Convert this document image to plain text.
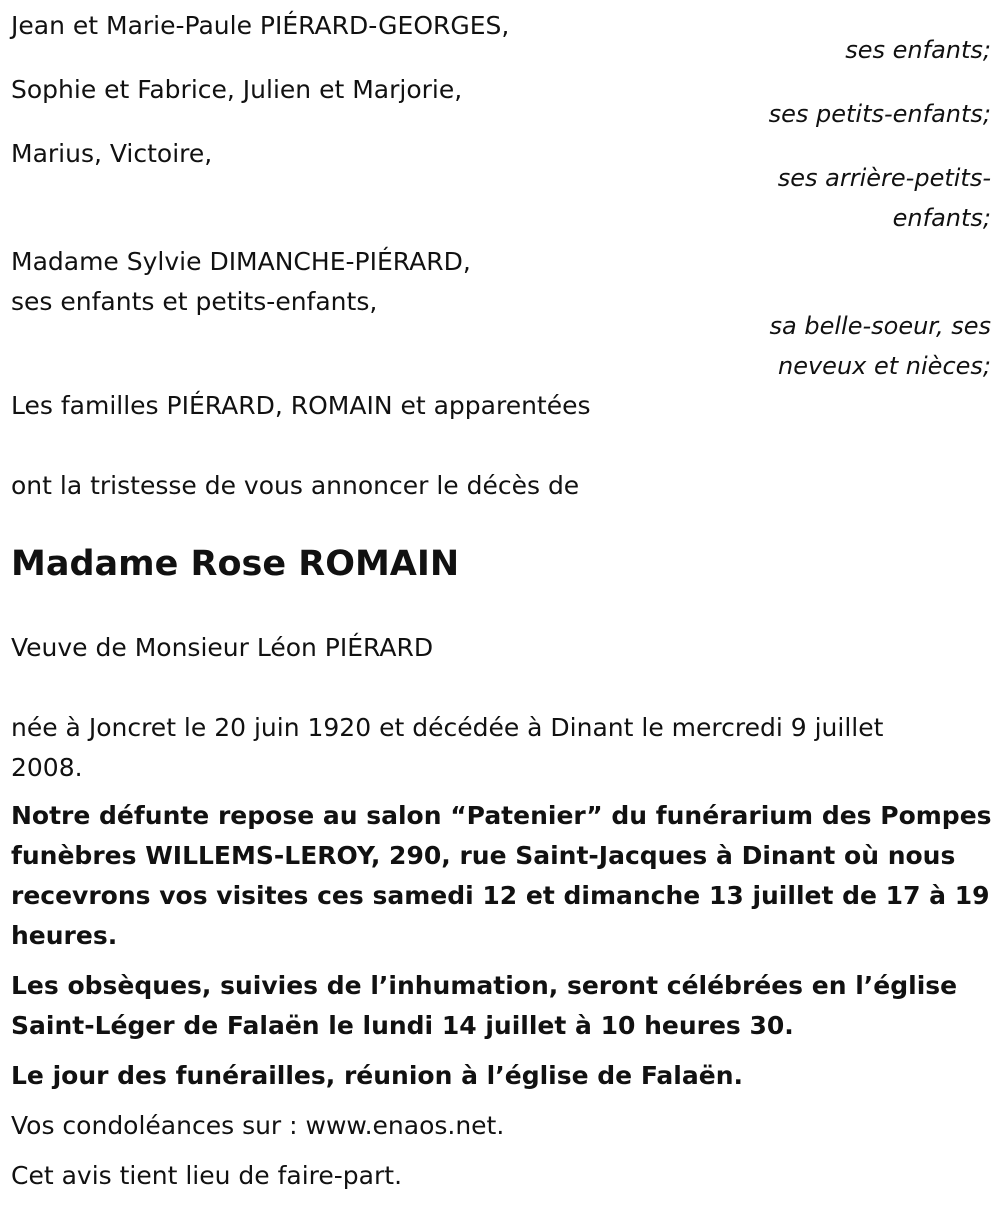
Jean et Marie-Paule PIÉRARD-GEORGES,
ses enfants;
Sophie et Fabrice, Julien et Marjorie,
ses petits-enfants;
Marius, Victoire,
ses arrière-petits-
enfants;
Madame Sylvie DIMANCHE-PIÉRARD,
ses enfants et petits-enfants,
sa belle-soeur, ses
neveux et nièces;
Les familles PIÉRARD, ROMAIN et apparentées
ont la tristesse de vous annoncer le décès de
Madame Rose ROMAIN
Veuve de Monsieur Léon PIÉRARD
née à Joncret le 20 juin 1920 et décédée à Dinant le mercredi 9 juillet
2008.
Notre défunte repose au salon “Patenier” du funérarium des Pompes
funèbres WILLEMS-LEROY, 290, rue Saint-Jacques à Dinant où nous
recevrons vos visites ces samedi 12 et dimanche 13 juillet de 17 à 19
heures.
Les obsèques, suivies de l’inhumation, seront célébrées en l’église
Saint-Léger de Falaën le lundi 14 juillet à 10 heures 30.
Le jour des funérailles, réunion à l’église de Falaën.
Vos condoléances sur : www.enaos.net.
Cet avis tient lieu de faire-part.
